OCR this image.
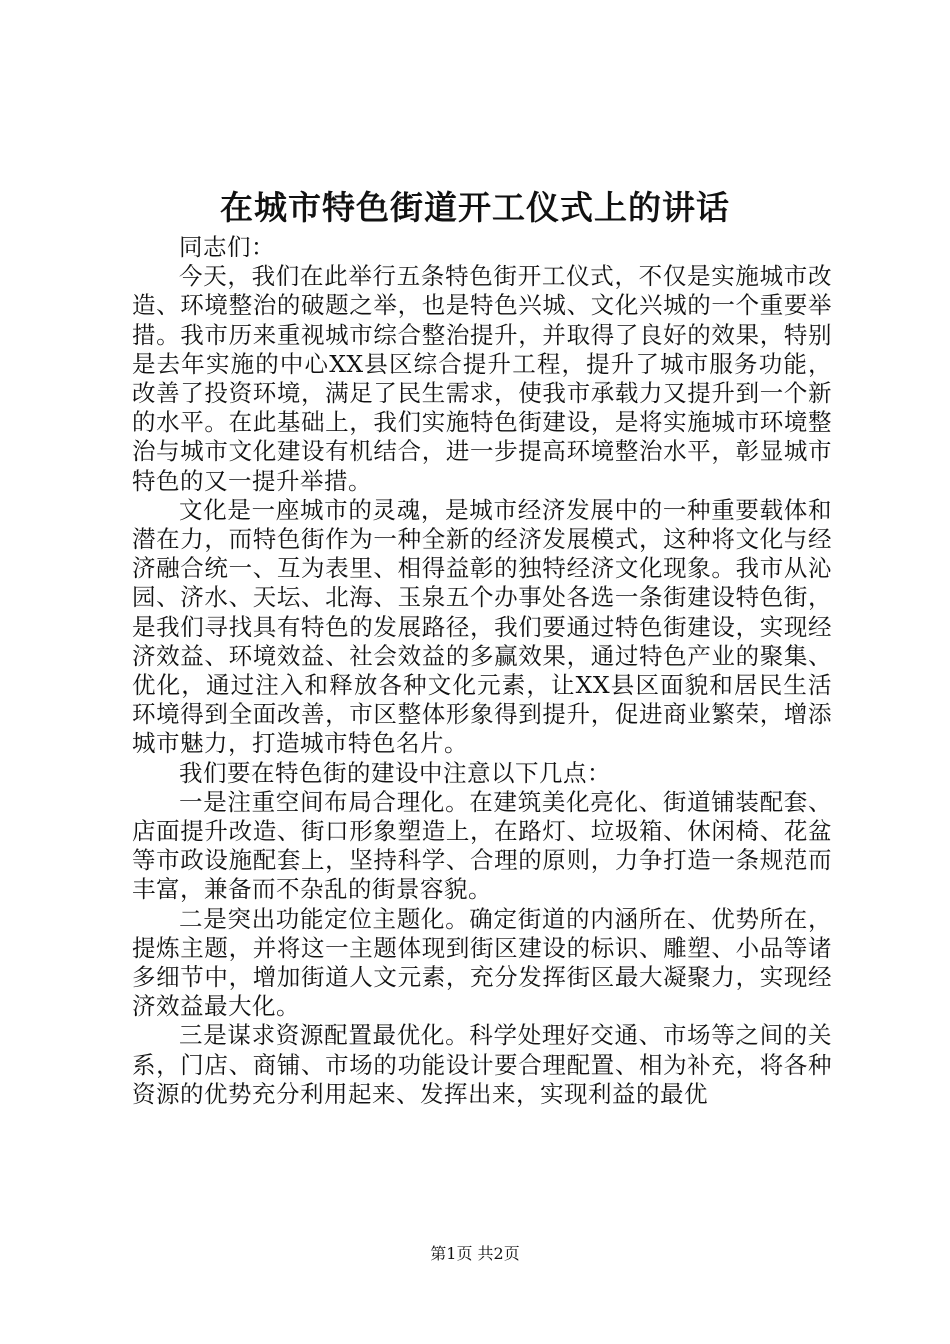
在城市特色街道开工仪式上的讲话

同志们：

今天，我们在此举行五条特色街开工仪式，不仅是实施城市改造、环境整治的破题之举，也是特色兴城、文化兴城的一个重要举措。我市历来重视城市综合整治提升，并取得了良好的效果，特别是去年实施的中心XX县区综合提升工程，提升了城市服务功能，改善了投资环境，满足了民生需求，使我市承载力又提升到一个新的水平。在此基础上，我们实施特色街建设，是将实施城市环境整治与城市文化建设有机结合，进一步提高环境整治水平，彰显城市特色的又一提升举措。

文化是一座城市的灵魂，是城市经济发展中的一种重要载体和潜在力，而特色街作为一种全新的经济发展模式，这种将文化与经济融合统一、互为表里、相得益彰的独特经济文化现象。我市从沁园、济水、天坛、北海、玉泉五个办事处各选一条街建设特色街，是我们寻找具有特色的发展路径，我们要通过特色街建设，实现经济效益、环境效益、社会效益的多赢效果，通过特色产业的聚集、优化，通过注入和释放各种文化元素，让XX县区面貌和居民生活环境得到全面改善，市区整体形象得到提升，促进商业繁荣，增添城市魅力，打造城市特色名片。

我们要在特色街的建设中注意以下几点：

一是注重空间布局合理化。在建筑美化亮化、街道铺装配套、店面提升改造、街口形象塑造上，在路灯、垃圾箱、休闲椅、花盆等市政设施配套上，坚持科学、合理的原则，力争打造一条规范而丰富，兼备而不杂乱的街景容貌。

二是突出功能定位主题化。确定街道的内涵所在、优势所在，提炼主题，并将这一主题体现到街区建设的标识、雕塑、小品等诸多细节中，增加街道人文元素，充分发挥街区最大凝聚力，实现经济效益最大化。

三是谋求资源配置最优化。科学处理好交通、市场等之间的关系，门店、商铺、市场的功能设计要合理配置、相为补充，将各种资源的优势充分利用起来、发挥出来，实现利益的最优

第1页 共2页
